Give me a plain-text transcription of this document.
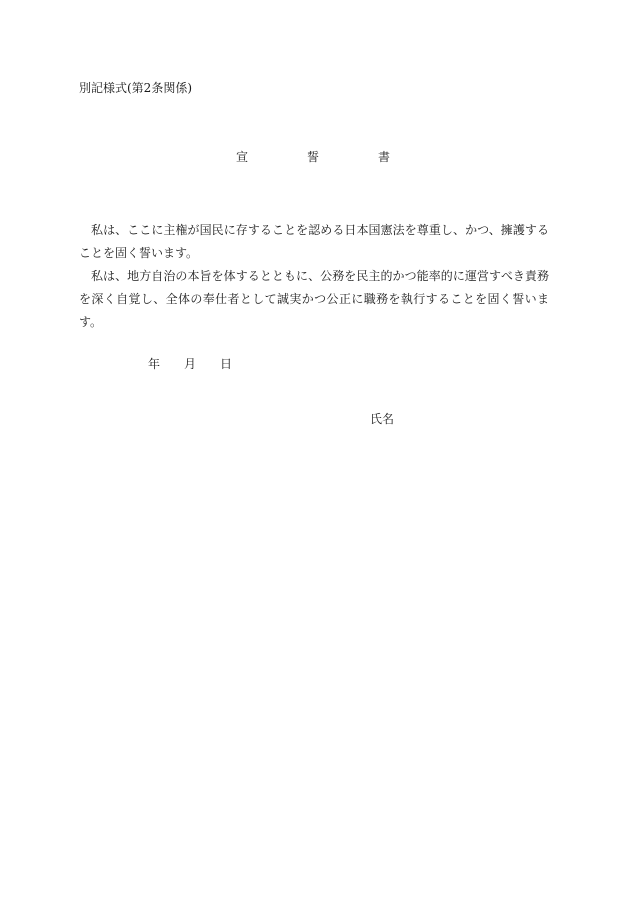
別記様式(第2条関係)
宣	誓	書

私は、ここに主権が国民に存することを認める日本国憲法を尊重し、かつ、擁護することを固く誓います。

私は、地方自治の本旨を体するとともに、公務を民主的かつ能率的に運営すべき責務を深く自覚し、全体の奉仕者として誠実かつ公正に職務を執行することを固く誓います。

年 月 日
氏名
